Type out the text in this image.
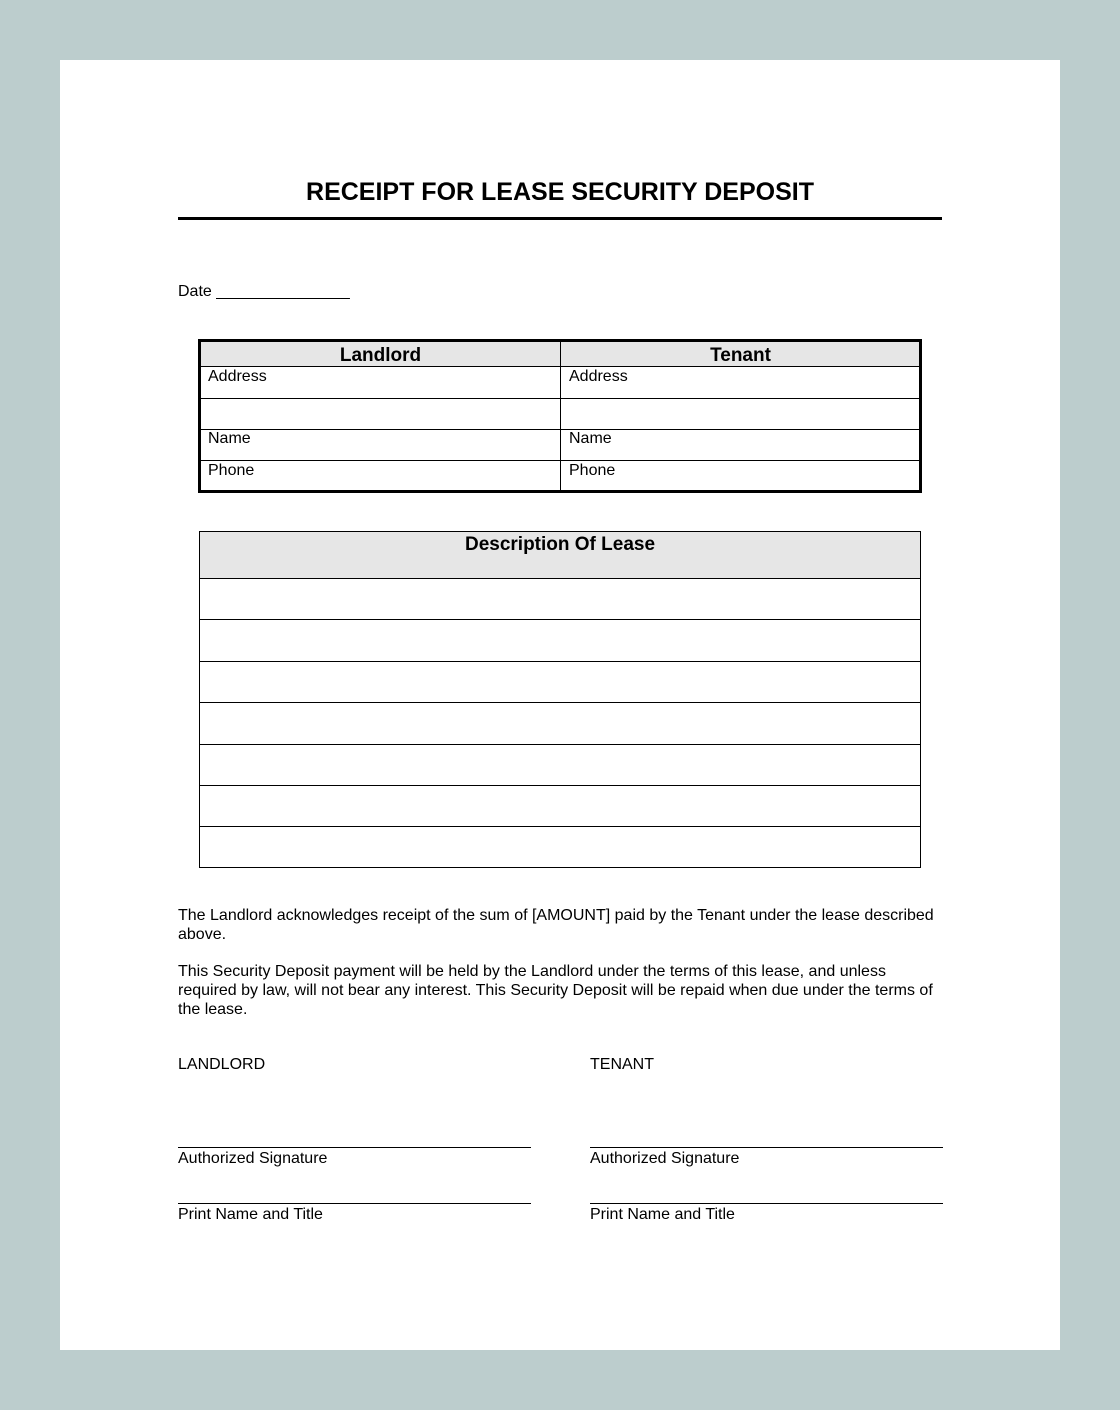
RECEIPT FOR LEASE SECURITY DEPOSIT
Date _______________
Landlord	Tenant
Address	Address
Name	Name
Phone	Phone
Description Of Lease

The Landlord acknowledges receipt of the sum of [AMOUNT] paid by the Tenant under the lease described above.

This Security Deposit payment will be held by the Landlord under the terms of this lease, and unless required by law, will not bear any interest. This Security Deposit will be repaid when due under the terms of the lease.

LANDLORD	TENANT
Authorized Signature	Authorized Signature
Print Name and Title	Print Name and Title
